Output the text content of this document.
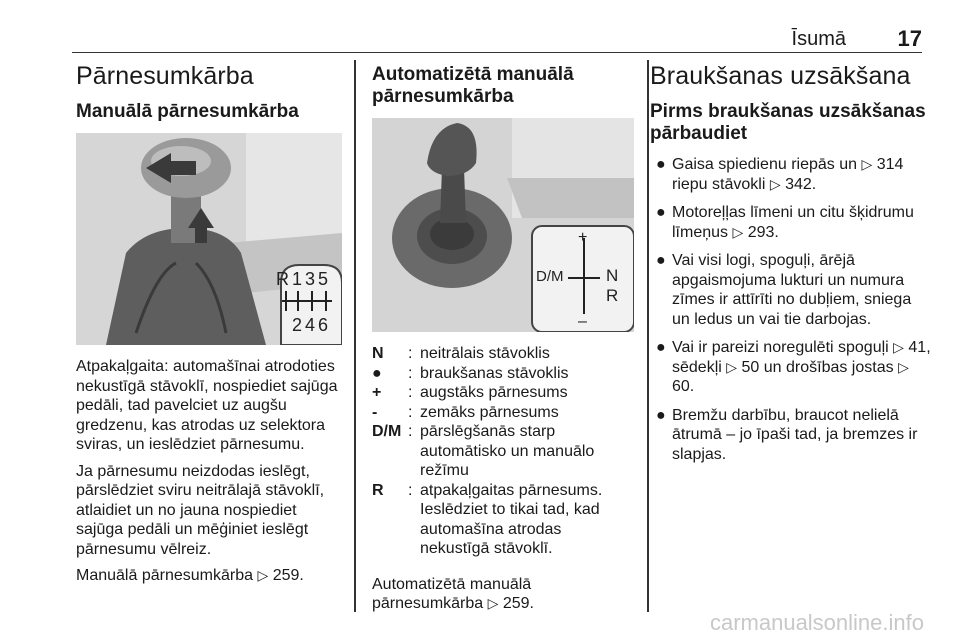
Īsumā 17
Pārnesumkārba
Manuālā pārnesumkārba
R135
246

Atpakaļgaita: automašīnai atrodoties nekustīgā stāvoklī, nospiediet sajūga pedāli, tad pavelciet uz augšu gredzenu, kas atrodas uz selektora sviras, un ieslēdziet pārnesumu.

Ja pārnesumu neizdodas ieslēgt, pārslēdziet sviru neitrālajā stāvoklī, atlaidiet un no jauna nospiediet sajūga pedāli un mēģiniet ieslēgt pārnesumu vēlreiz.

Manuālā pārnesumkārba ▷ 259.

Automatizētā manuālā pārnesumkārba
+
–
D/M	N
R
N	: neitrālais stāvoklis
●	: braukšanas stāvoklis
+	: augstāks pārnesums
-	: zemāks pārnesums
D/M : pārslēgšanās starp automātisko un manuālo režīmu
R	: atpakaļgaitas pārnesums. Ieslēdziet to tikai tad, kad automašīna atrodas nekustīgā stāvoklī.

Automatizētā manuālā pārnesumkārba ▷ 259.

Braukšanas uzsākšana
Pirms braukšanas uzsākšanas pārbaudiet
● Gaisa spiedienu riepās un ▷ 314 riepu stāvokli ▷ 342.
● Motoreļļas līmeni un citu šķidrumu līmeņus ▷ 293.
● Vai visi logi, spoguļi, ārējā apgaismojuma lukturi un numura zīmes ir attīrīti no dubļiem, sniega un ledus un vai tie darbojas.
● Vai ir pareizi noregulēti spoguļi ▷ 41, sēdekļi ▷ 50 un drošības jostas ▷ 60.
● Bremžu darbību, braucot nelielā ātrumā – jo īpaši tad, ja bremzes ir slapjas.
carmanualsonline.info
